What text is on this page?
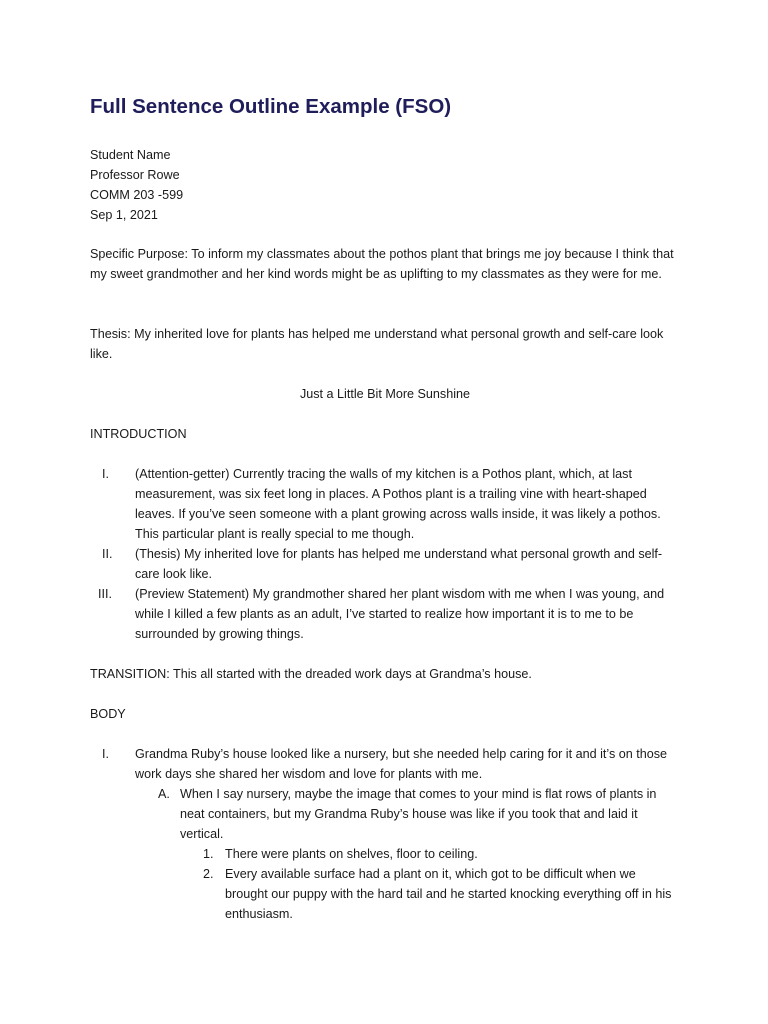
Full Sentence Outline Example (FSO)
Student Name
Professor Rowe
COMM 203 -599
Sep 1, 2021

Specific Purpose: To inform my classmates about the pothos plant that brings me joy because I think that my sweet grandmother and her kind words might be as uplifting to my classmates as they were for me.

Thesis: My inherited love for plants has helped me understand what personal growth and self-care look like.

Just a Little Bit More Sunshine
INTRODUCTION
I. (Attention-getter) Currently tracing the walls of my kitchen is a Pothos plant, which, at last measurement, was six feet long in places. A Pothos plant is a trailing vine with heart-shaped leaves. If you’ve seen someone with a plant growing across walls inside, it was likely a pothos. This particular plant is really special to me though.
II. (Thesis) My inherited love for plants has helped me understand what personal growth and self-care look like.
III. (Preview Statement) My grandmother shared her plant wisdom with me when I was young, and while I killed a few plants as an adult, I’ve started to realize how important it is to me to be surrounded by growing things.

TRANSITION: This all started with the dreaded work days at Grandma’s house.

BODY
I. Grandma Ruby’s house looked like a nursery, but she needed help caring for it and it’s on those work days she shared her wisdom and love for plants with me.
A. When I say nursery, maybe the image that comes to your mind is flat rows of plants in neat containers, but my Grandma Ruby’s house was like if you took that and laid it vertical.
1. There were plants on shelves, floor to ceiling.
2. Every available surface had a plant on it, which got to be difficult when we brought our puppy with the hard tail and he started knocking everything off in his enthusiasm.
